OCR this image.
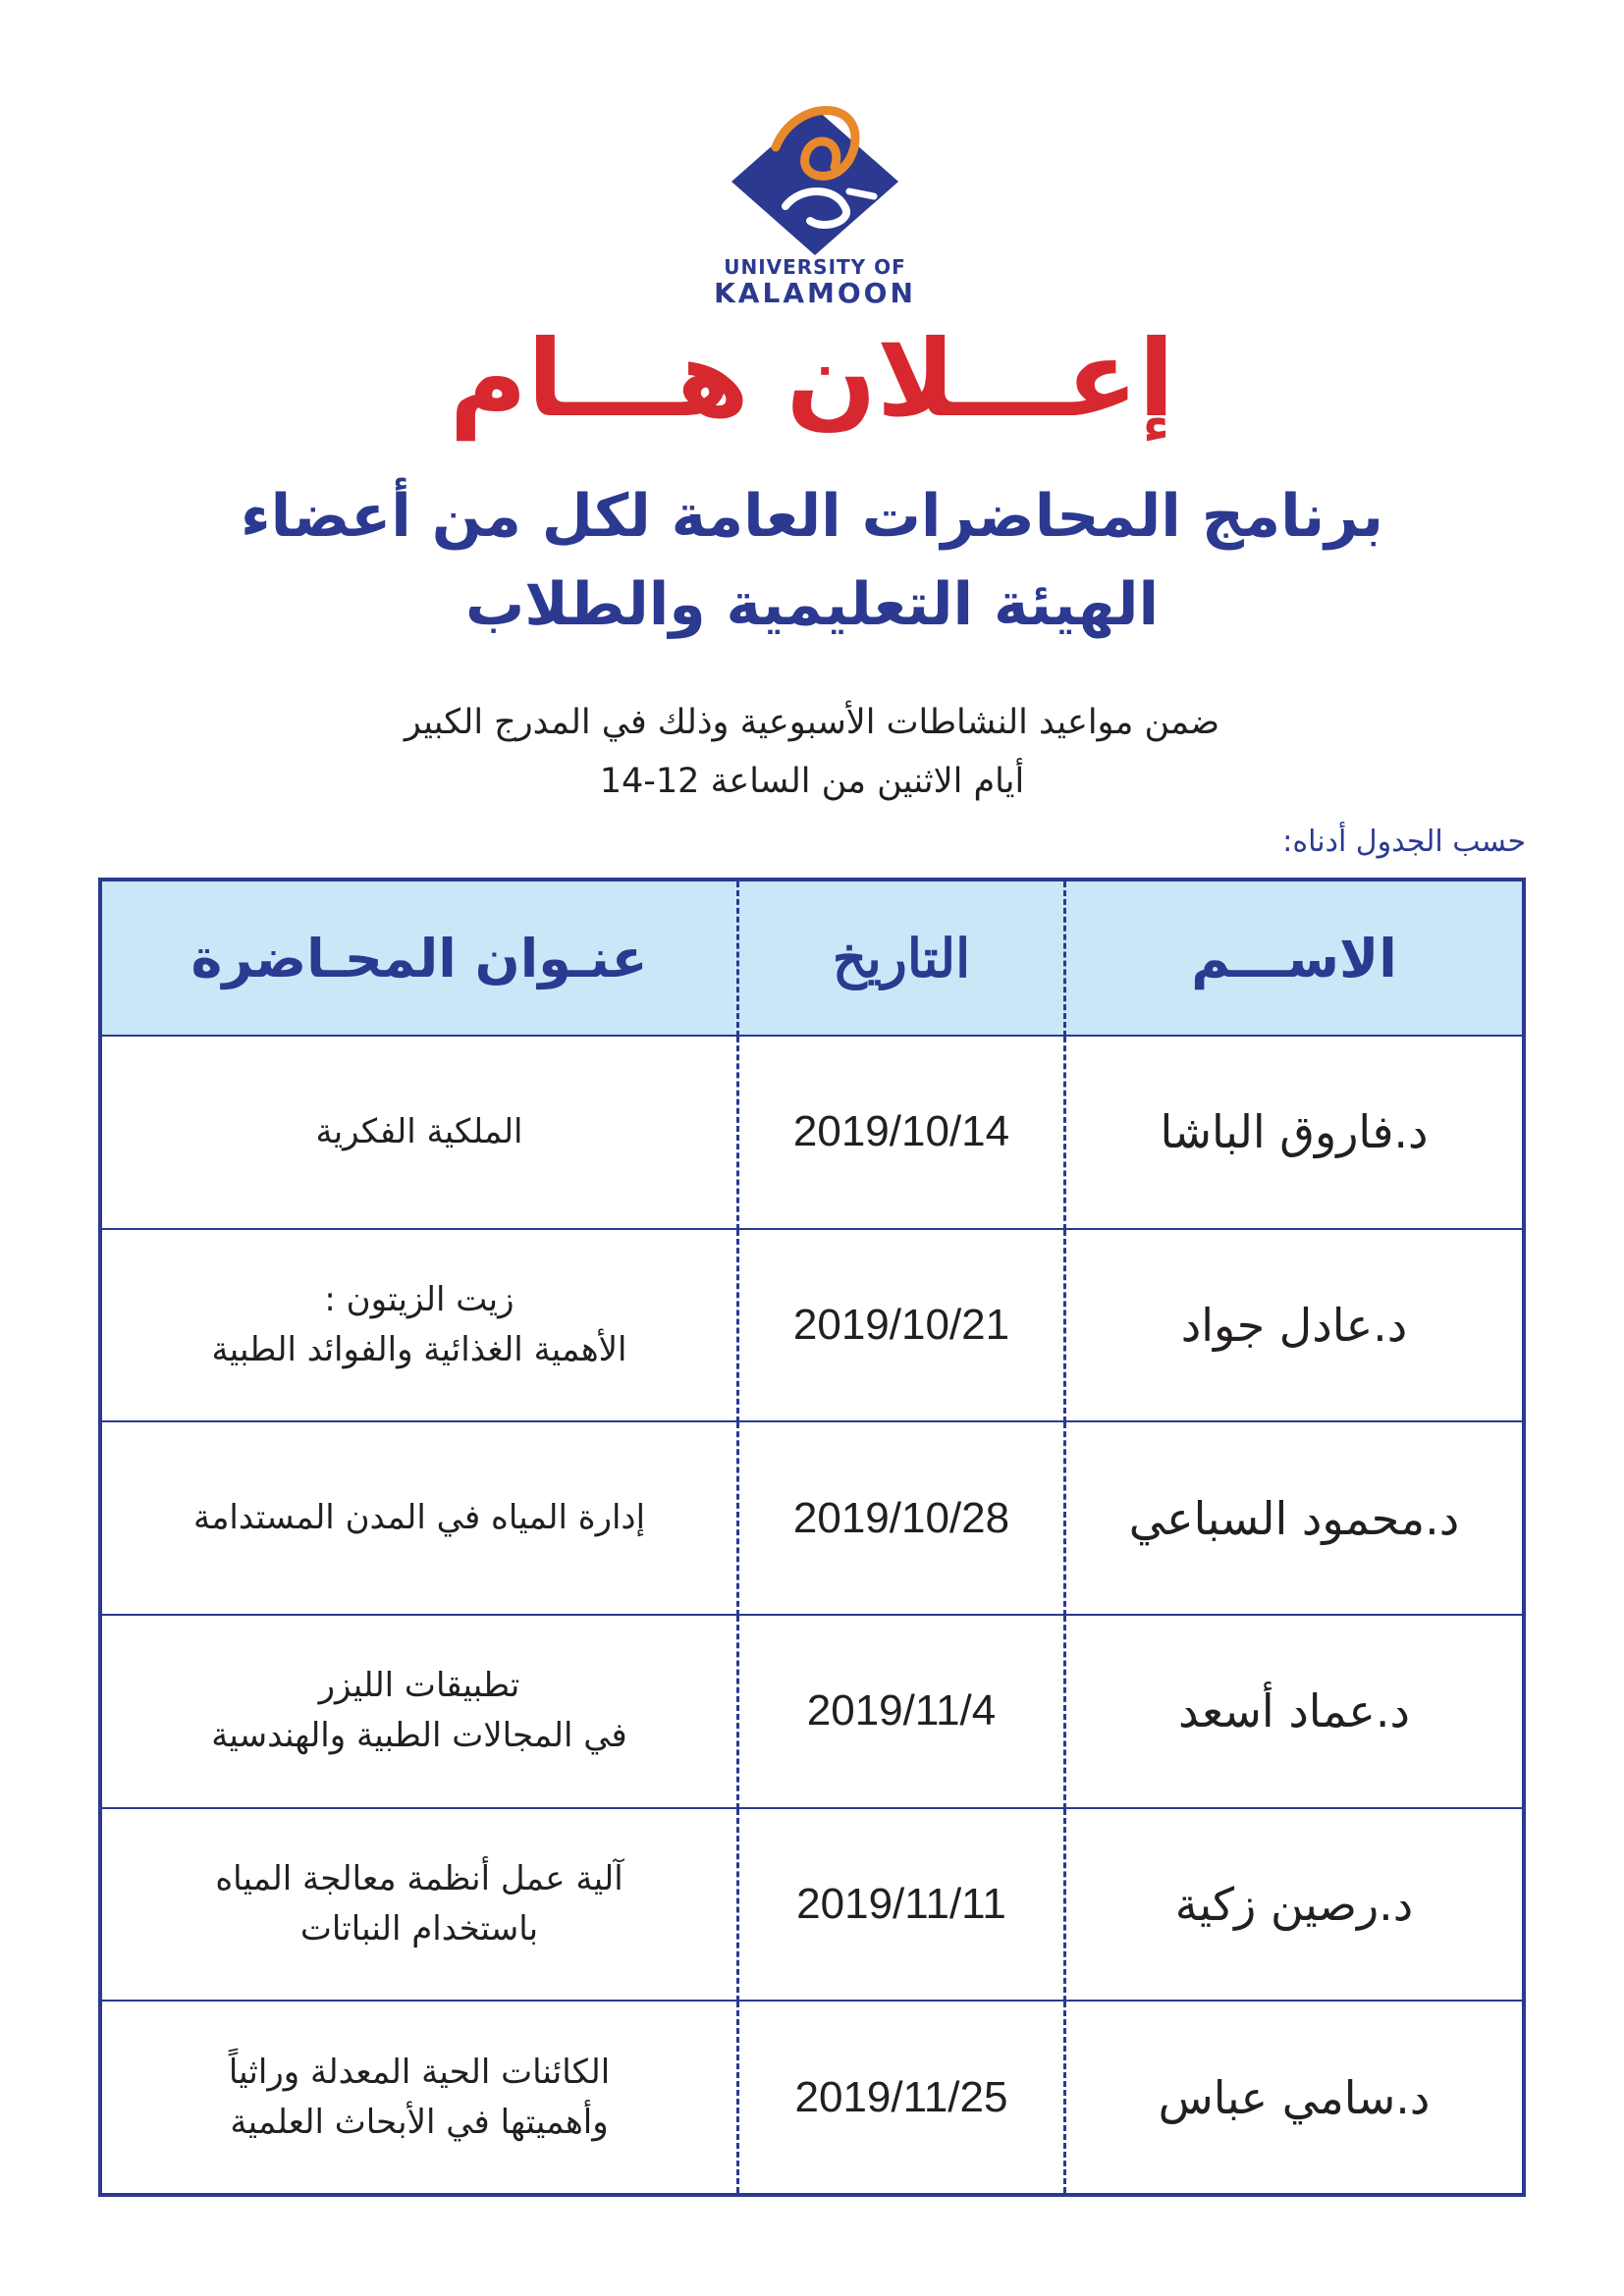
UNIVERSITY OF
KALAMOON
إعـــلان هـــام
برنامج المحاضرات العامة لكل من أعضاء
الهيئة التعليمية والطلاب
ضمن مواعيد النشاطات الأسبوعية وذلك في المدرج الكبير
أيام الاثنين من الساعة 12-14
حسب الجدول أدناه:
الاســـم	التاريخ	عنـوان المحـاضرة
د.فاروق الباشا	2019/10/14	الملكية الفكرية

د.عادل جواد	2019/10/21	زيت الزيتون :
الأهمية الغذائية والفوائد الطبية

د.محمود السباعي	2019/10/28	إدارة المياه في المدن المستدامة

د.عماد أسعد	2019/11/4	تطبيقات الليزر
في المجالات الطبية والهندسية

د.رصين زكية	2019/11/11	آلية عمل أنظمة معالجة المياه
باستخدام النباتات

د.سامي عباس	2019/11/25	الكائنات الحية المعدلة وراثياً
وأهميتها في الأبحاث العلمية
